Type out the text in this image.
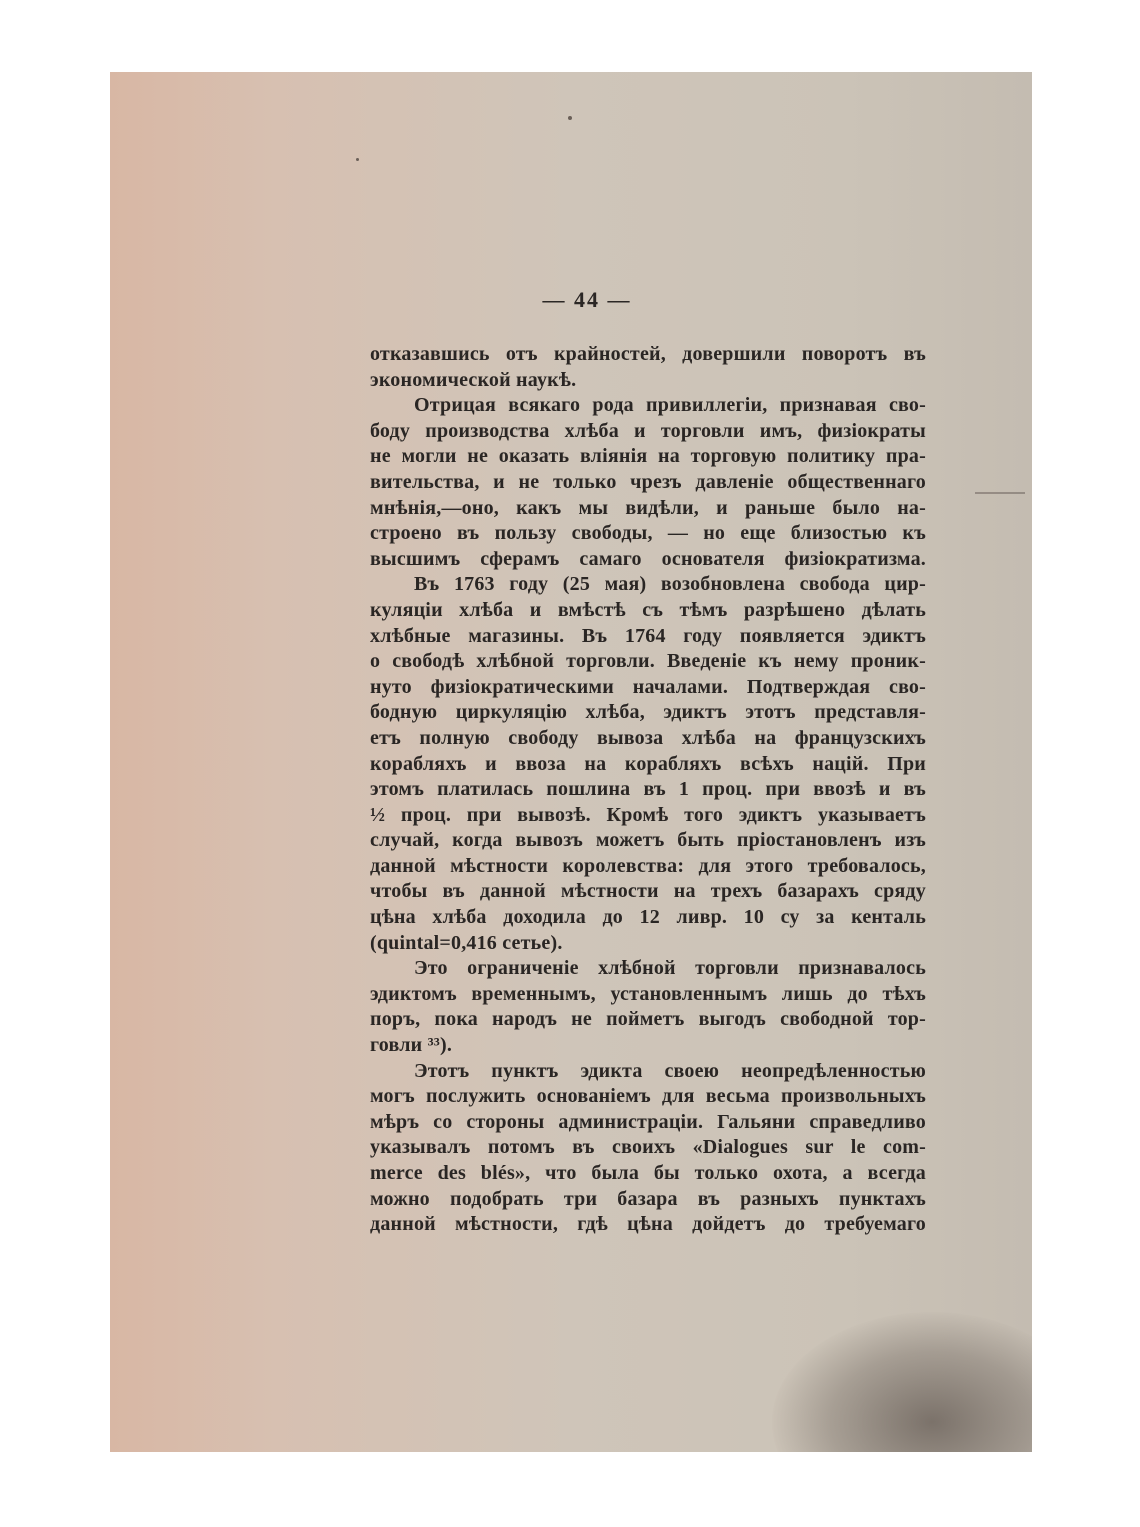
— 44 —
отказавшись отъ крайностей, довершили поворотъ въ
экономической наукѣ.
Отрицая всякаго рода привиллегіи, признавая сво-
боду производства хлѣба и торговли имъ, физіократы
не могли не оказать вліянія на торговую политику пра-
вительства, и не только чрезъ давленіе общественнаго
мнѣнія,—оно, какъ мы видѣли, и раньше было на-
строено въ пользу свободы, — но еще близостью къ
высшимъ сферамъ самаго основателя физіократизма.
Въ 1763 году (25 мая) возобновлена свобода цир-
куляціи хлѣба и вмѣстѣ съ тѣмъ разрѣшено дѣлать
хлѣбные магазины. Въ 1764 году появляется эдиктъ
о свободѣ хлѣбной торговли. Введеніе къ нему проник-
нуто физіократическими началами. Подтверждая сво-
бодную циркуляцію хлѣба, эдиктъ этотъ представля-
етъ полную свободу вывоза хлѣба на французскихъ
корабляхъ и ввоза на корабляхъ всѣхъ націй. При
этомъ платилась пошлина въ 1 проц. при ввозѣ и въ
½ проц. при вывозѣ. Кромѣ того эдиктъ указываетъ
случай, когда вывозъ можетъ быть пріостановленъ изъ
данной мѣстности королевства: для этого требовалось,
чтобы въ данной мѣстности на трехъ базарахъ сряду
цѣна хлѣба доходила до 12 ливр. 10 су за кенталь
(quintal=0,416 сетье).
Это ограниченіе хлѣбной торговли признавалось
эдиктомъ временнымъ, установленнымъ лишь до тѣхъ
поръ, пока народъ не пойметъ выгодъ свободной тор-
говли ³³).
Этотъ пунктъ эдикта своею неопредѣленностью
могъ послужить основаніемъ для весьма произвольныхъ
мѣръ со стороны администраціи. Гальяни справедливо
указывалъ потомъ въ своихъ «Dialogues sur le com-
merce des blés», что была бы только охота, а всегда
можно подобрать три базара въ разныхъ пунктахъ
данной мѣстности, гдѣ цѣна дойдетъ до требуемаго
